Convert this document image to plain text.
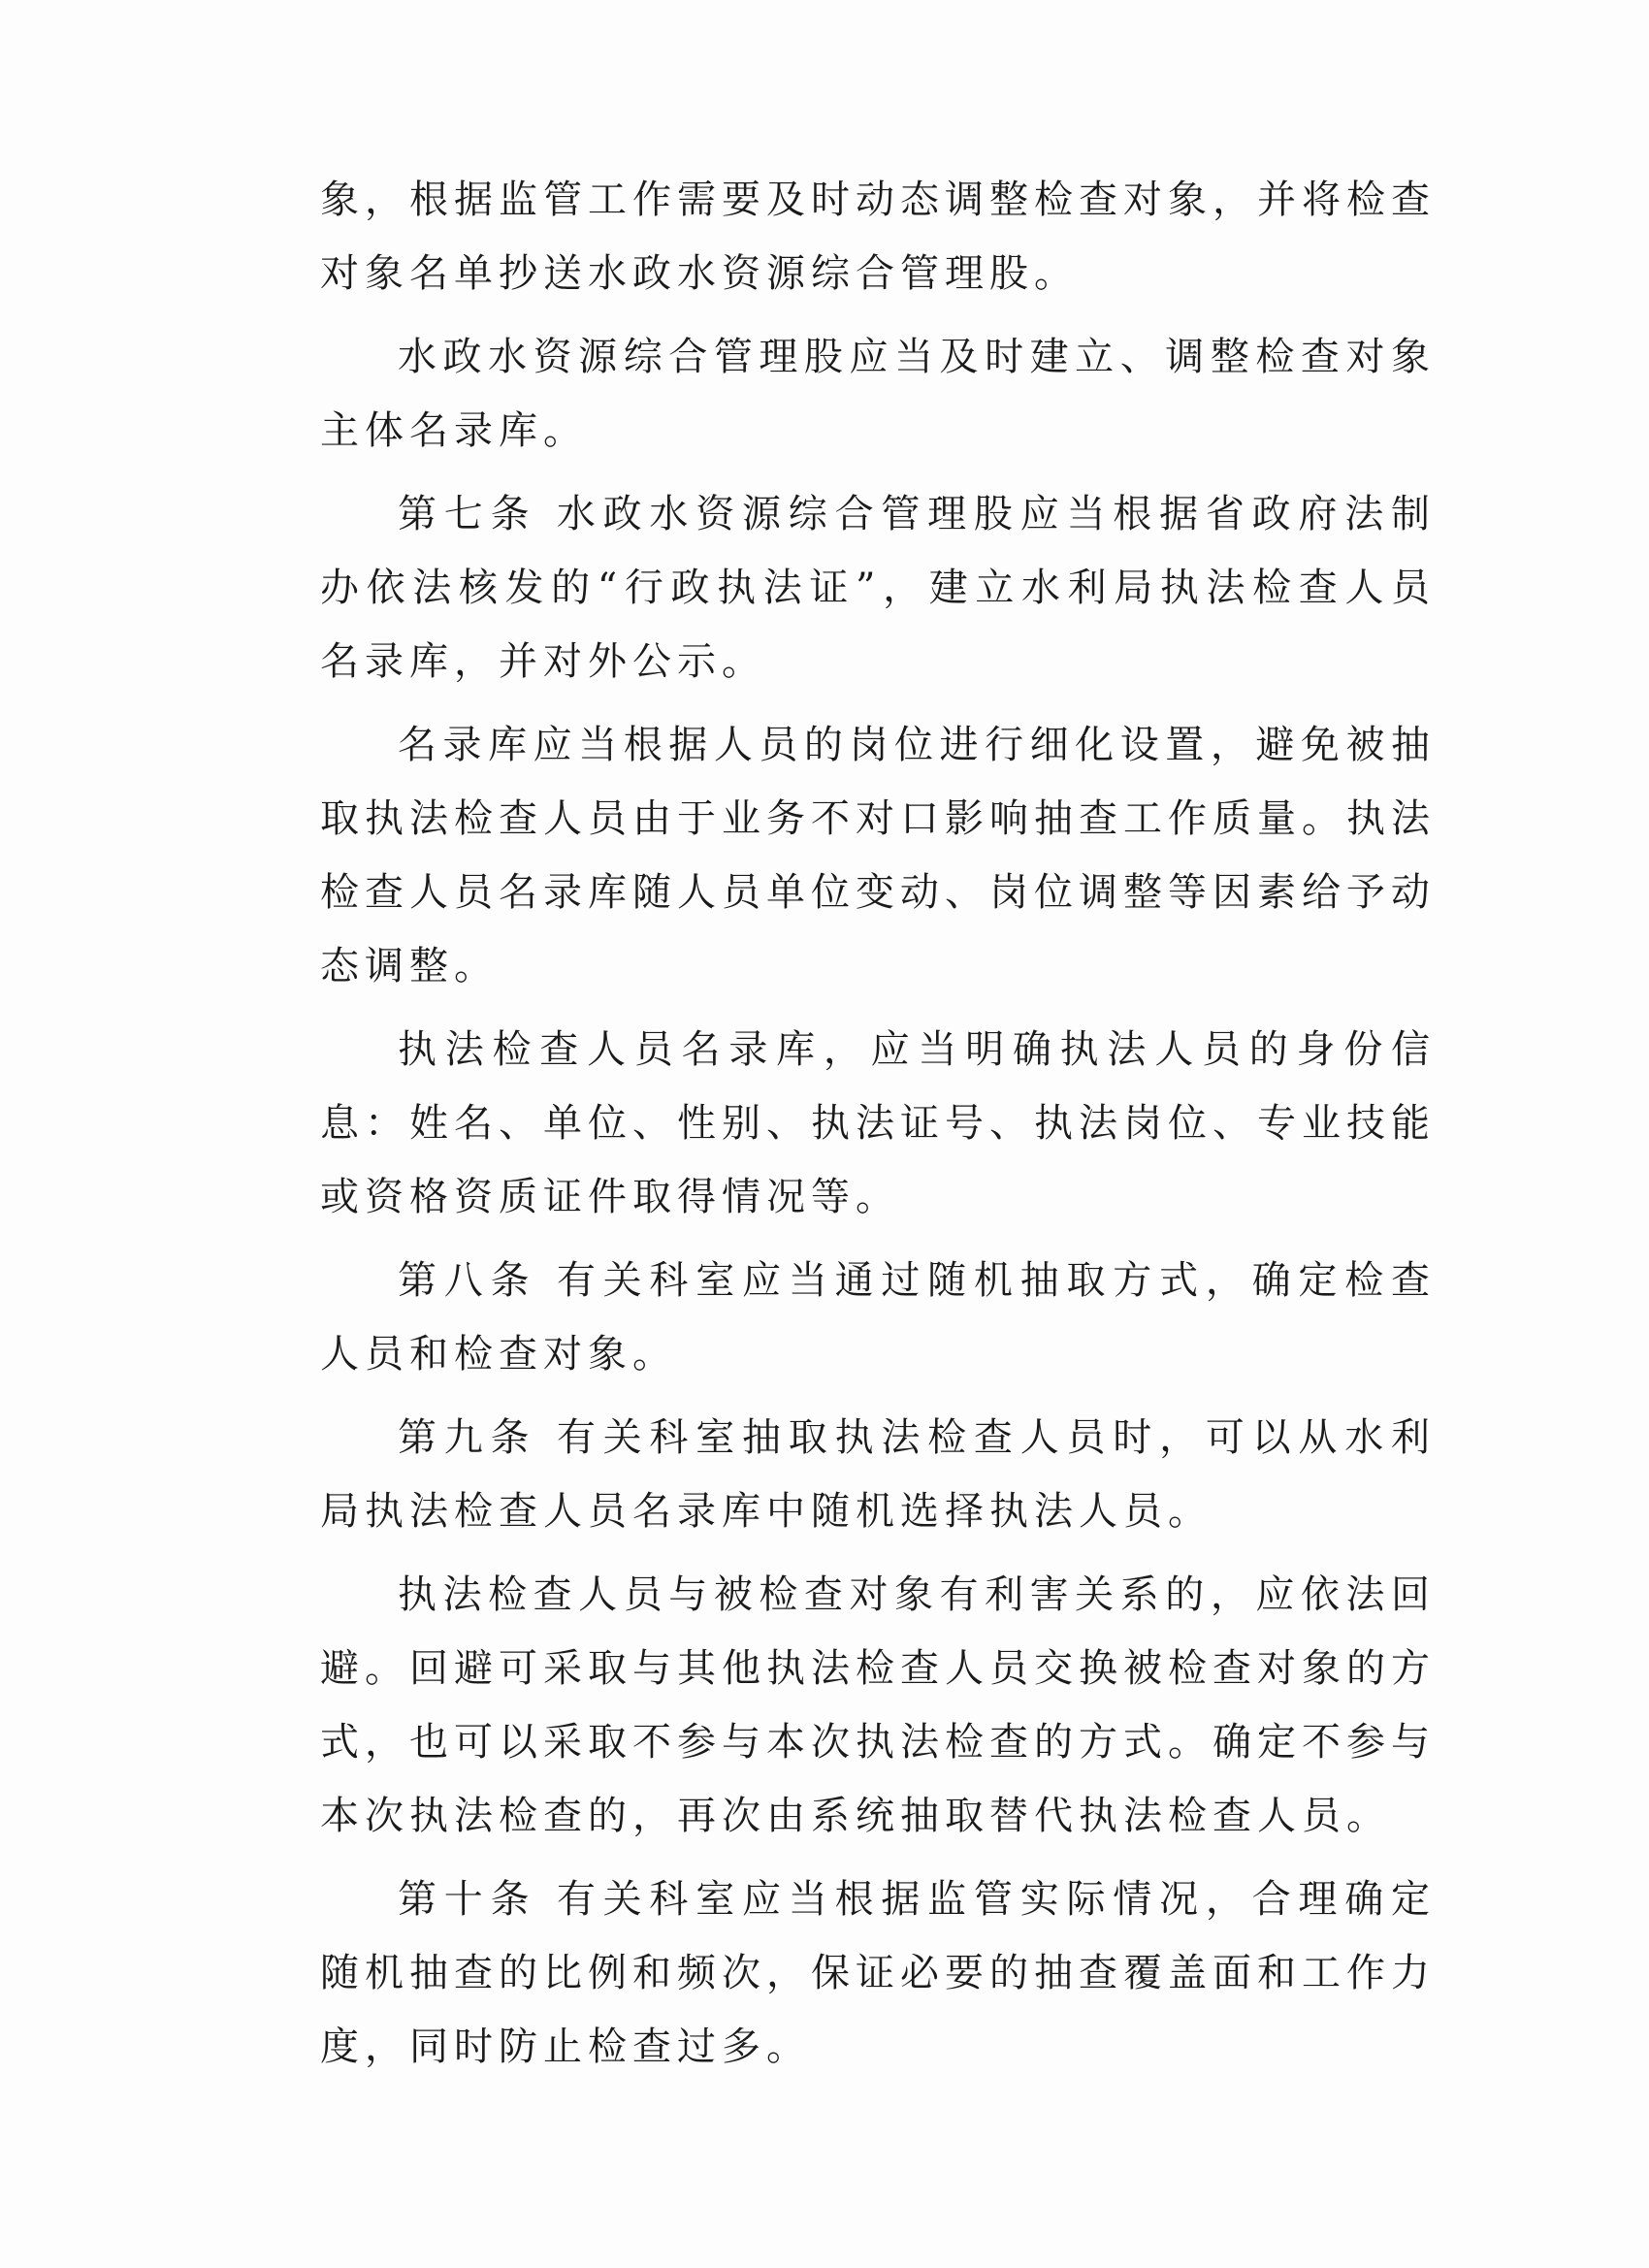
象，根据监管工作需要及时动态调整检查对象，并将检查对象名单抄送水政水资源综合管理股。

水政水资源综合管理股应当及时建立、调整检查对象主体名录库。

第七条 水政水资源综合管理股应当根据省政府法制办依法核发的“行政执法证”，建立水利局执法检查人员名录库，并对外公示。

名录库应当根据人员的岗位进行细化设置，避免被抽取执法检查人员由于业务不对口影响抽查工作质量。执法检查人员名录库随人员单位变动、岗位调整等因素给予动态调整。

执法检查人员名录库，应当明确执法人员的身份信息：姓名、单位、性别、执法证号、执法岗位、专业技能或资格资质证件取得情况等。

第八条 有关科室应当通过随机抽取方式，确定检查人员和检查对象。

第九条 有关科室抽取执法检查人员时，可以从水利局执法检查人员名录库中随机选择执法人员。

执法检查人员与被检查对象有利害关系的，应依法回避。回避可采取与其他执法检查人员交换被检查对象的方式，也可以采取不参与本次执法检查的方式。确定不参与本次执法检查的，再次由系统抽取替代执法检查人员。

第十条 有关科室应当根据监管实际情况，合理确定随机抽查的比例和频次，保证必要的抽查覆盖面和工作力度，同时防止检查过多。
